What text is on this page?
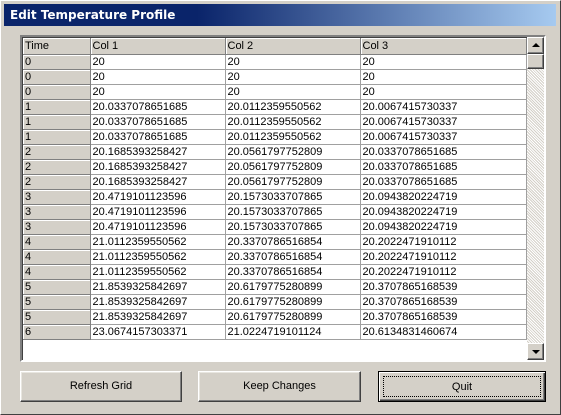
Edit Temperature Profile
Time	Col 1	Col 2	Col 3
0	20	20	20
0	20	20	20
0	20	20	20
1	20.0337078651685	20.0112359550562	20.0067415730337
1	20.0337078651685	20.0112359550562	20.0067415730337
1	20.0337078651685	20.0112359550562	20.0067415730337
2	20.1685393258427	20.0561797752809	20.0337078651685
2	20.1685393258427	20.0561797752809	20.0337078651685
2	20.1685393258427	20.0561797752809	20.0337078651685
3	20.4719101123596	20.1573033707865	20.0943820224719
3	20.4719101123596	20.1573033707865	20.0943820224719
3	20.4719101123596	20.1573033707865	20.0943820224719
4	21.0112359550562	20.3370786516854	20.2022471910112
4	21.0112359550562	20.3370786516854	20.2022471910112
4	21.0112359550562	20.3370786516854	20.2022471910112
5	21.8539325842697	20.6179775280899	20.3707865168539
5	21.8539325842697	20.6179775280899	20.3707865168539
5	21.8539325842697	20.6179775280899	20.3707865168539
6	23.0674157303371	21.0224719101124	20.6134831460674
Refresh Grid	Keep Changes	Quit
